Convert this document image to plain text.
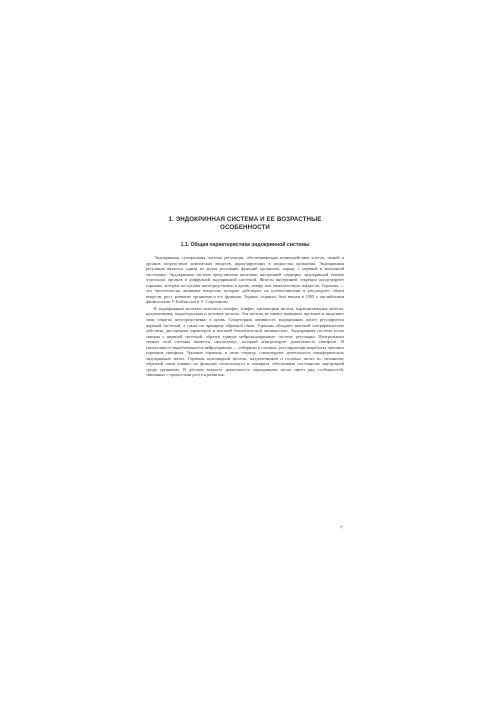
1. ЭНДОКРИННАЯ СИСТЕМА И ЕЕ ВОЗРАСТНЫЕ
ОСОБЕННОСТИ
1.1. Общая характеристика эндокринной системы

Эндокринная, гуморальная система регуляции, обеспечивающая взаимодействие клеток, тканей и органов посредством химических веществ, циркулирующих в жидкостях организма. Эндокринная регуляция является одним из видов регуляции функций организма, наряду с нервной и иммунной системами. Эндокринная система представлена железами внутренней секреции, эндокринной тканью отдельных органов и диффузной эндокринной системой. Железы внутренней секреции продуцируют гормоны, которые поступают непосредственно в кровь, лимфу или межклеточную жидкость. Гормоны — это биологически активные вещества, которые действуют на клетки-мишени и регулируют обмен веществ, рост, развитие организма и его функции. Термин «гормон» был введен в 1905 г. английскими физиологами У. Бейлиссом и Э. Старлингом.

К эндокринным железам относятся гипофиз, эпифиз, щитовидная железа, паращитовидные железы, надпочечники, поджелудочная и половые железы. Эти железы не имеют выводных протоков и выделяют свои секреты непосредственно в кровь. Секреторная активность эндокринных желез регулируется нервной системой, а также по принципу обратной связи. Гормоны обладают высокой специфичностью действия, дистантным характером и высокой биологической активностью. Эндокринная система тесно связана с нервной системой, образуя единую нейроэндокринную систему регуляции. Центральным звеном этой системы является гипоталамус, который контролирует деятельность гипофиза. В гипоталамусе вырабатываются нейрогормоны — либерины и статины, регулирующие выработку тропных гормонов гипофиза. Тропные гормоны, в свою очередь, стимулируют деятельность периферических эндокринных желез. Гормоны щитовидной железы, надпочечников и половых желез по механизму обратной связи влияют на функцию гипоталамуса и гипофиза, обеспечивая постоянство внутренней среды организма. В детском возрасте деятельность эндокринных желез имеет ряд особенностей, связанных с процессами роста и развития.

7
